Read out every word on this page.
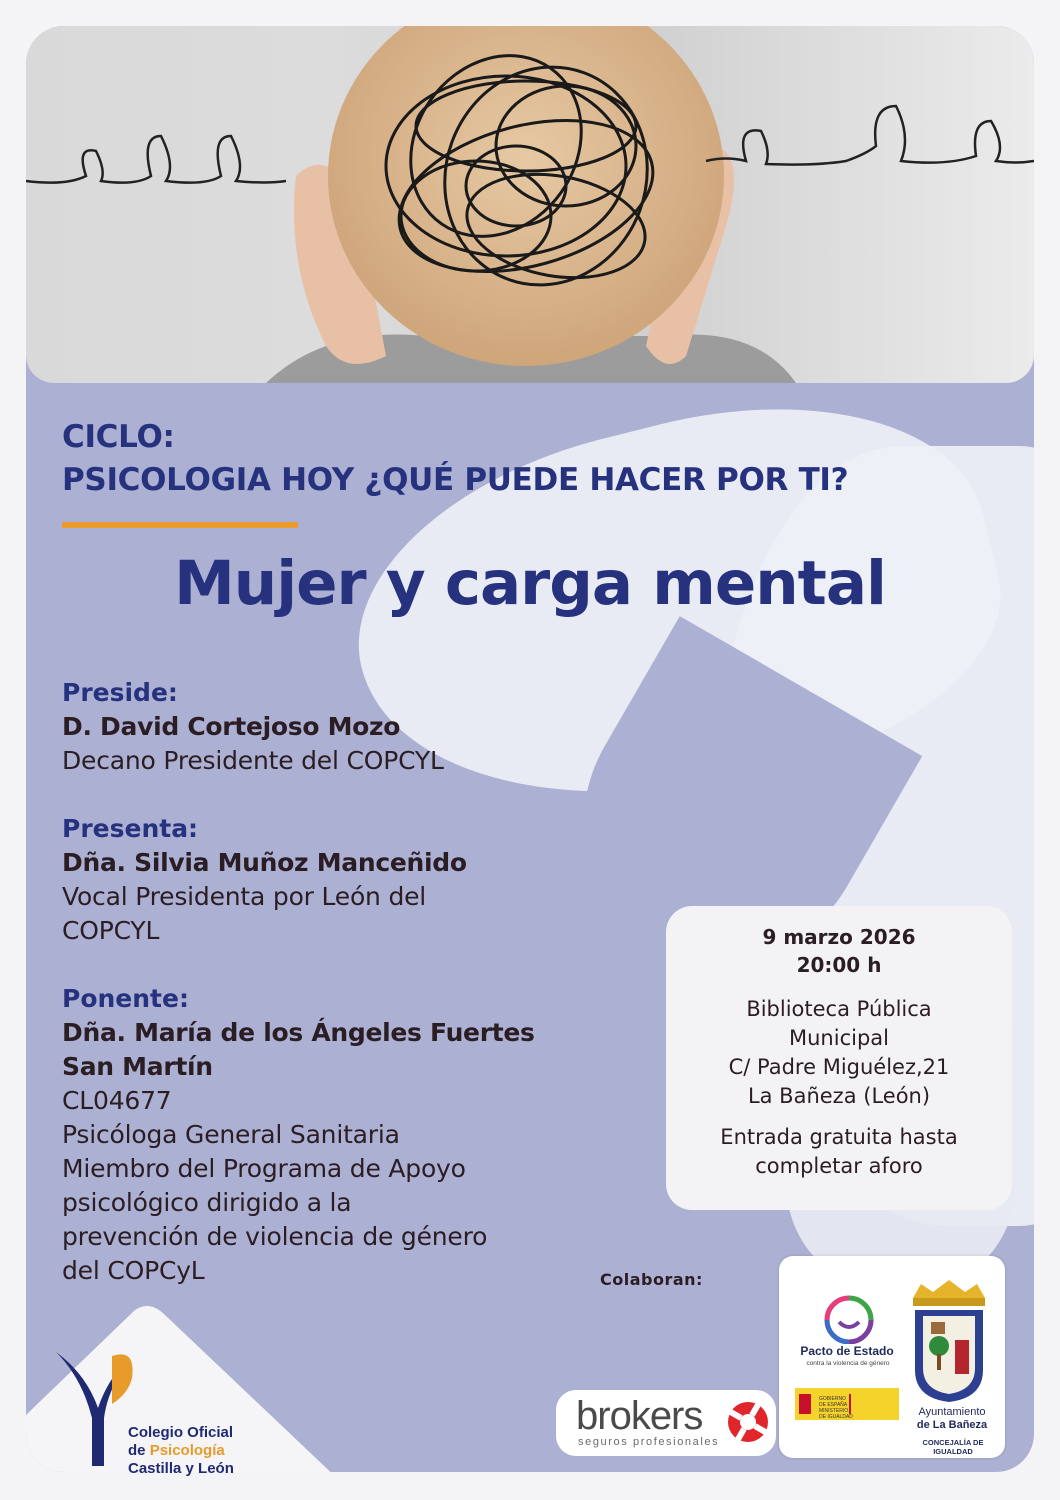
CICLO:
PSICOLOGIA HOY ¿QUÉ PUEDE HACER POR TI?
Mujer y carga mental
Preside:
D. David Cortejoso Mozo
Decano Presidente del COPCYL
Presenta:
Dña. Silvia Muñoz Manceñido
Vocal Presidenta por León del
COPCYL
Ponente:
Dña. María de los Ángeles Fuertes
San Martín
CL04677
Psicóloga General Sanitaria
Miembro del Programa de Apoyo
psicológico dirigido a la
prevención de violencia de género
del COPCyL
9 marzo 2026
20:00 h
Biblioteca Pública
Municipal
C/ Padre Miguélez,21
La Bañeza (León)
Entrada gratuita hasta
completar aforo
Colaboran:
brokers
seguros profesionales
Pacto de Estado
contra la violencia de género
GOBIERNO DE ESPAÑA MINISTERIO DE IGUALDAD	Ayuntamiento
de La Bañeza
CONCEJALÍA DE IGUALDAD
Colegio Oficial
de Psicología
Castilla y León
